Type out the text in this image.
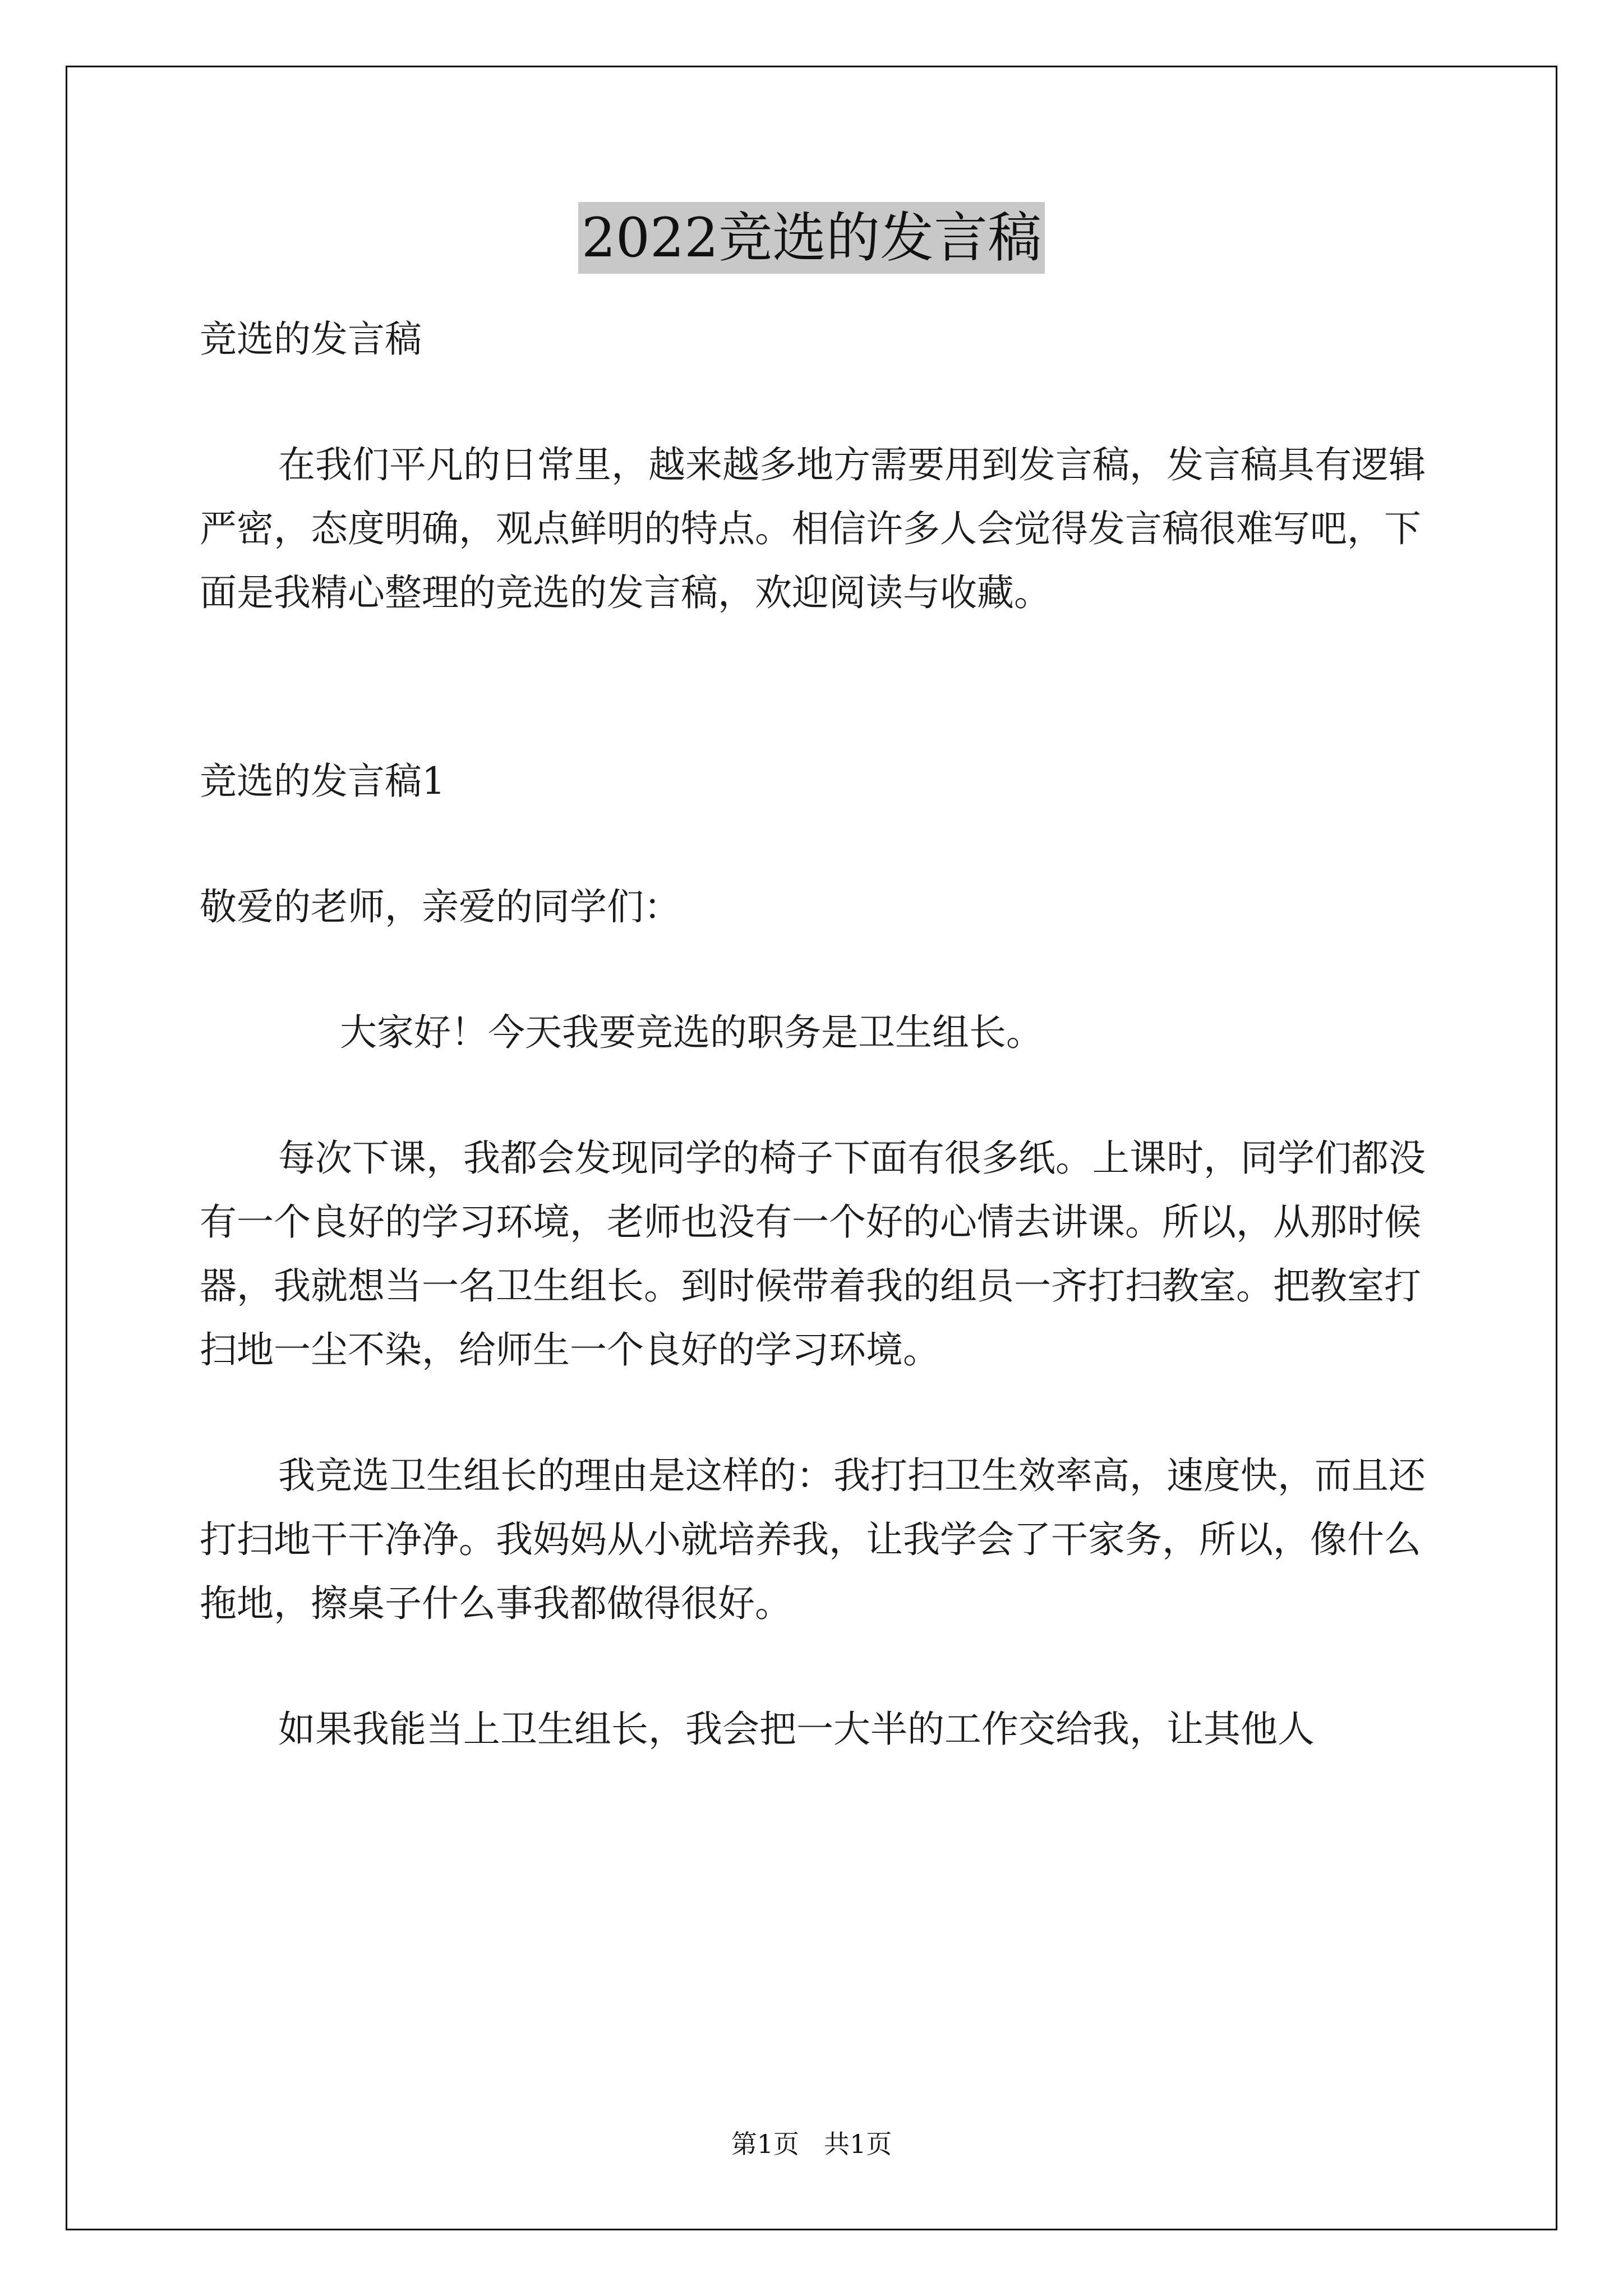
2022竞选的发言稿

竞选的发言稿

在我们平凡的日常里，越来越多地方需要用到发言稿，发言稿具有逻辑严密，态度明确，观点鲜明的特点。相信许多人会觉得发言稿很难写吧，下面是我精心整理的竞选的发言稿，欢迎阅读与收藏。

竞选的发言稿1

敬爱的老师，亲爱的同学们：

大家好！今天我要竞选的职务是卫生组长。

每次下课，我都会发现同学的椅子下面有很多纸。上课时，同学们都没有一个良好的学习环境，老师也没有一个好的心情去讲课。所以，从那时候器，我就想当一名卫生组长。到时候带着我的组员一齐打扫教室。把教室打扫地一尘不染，给师生一个良好的学习环境。

我竞选卫生组长的理由是这样的：我打扫卫生效率高，速度快，而且还打扫地干干净净。我妈妈从小就培养我，让我学会了干家务，所以，像什么拖地，擦桌子什么事我都做得很好。

如果我能当上卫生组长，我会把一大半的工作交给我，让其他人

第1页 共1页
